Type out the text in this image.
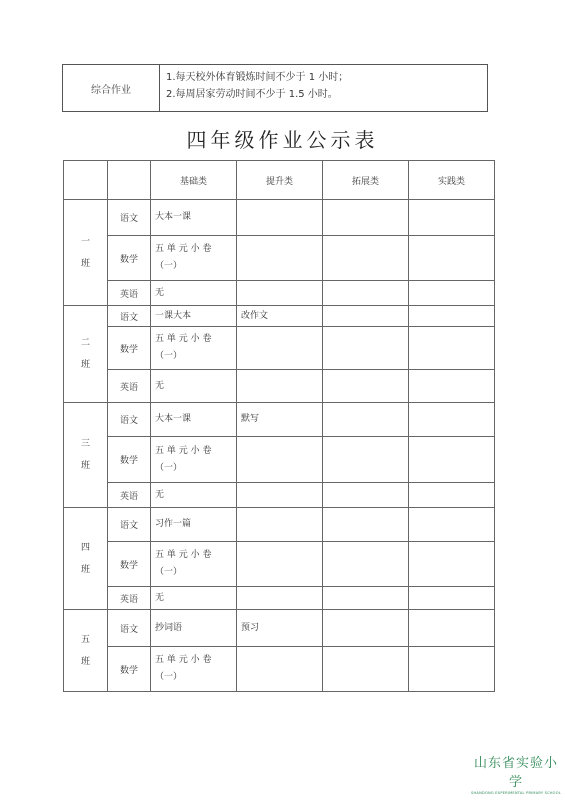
综合作业
1.每天校外体育锻炼时间不少于 1 小时；
2.每周居家劳动时间不少于 1.5 小时。
四年级作业公示表
		基础类	提升类	拓展类	实践类
一
班	语文	大本一课			
	数学	五 单 元 小 卷
（一）			
	英语	无			
二
班	语文	一课大本	改作文		
	数学	五 单 元 小 卷
（一）			
	英语	无			
三
班	语文	大本一课	默写		
	数学	五 单 元 小 卷
（一）			
	英语	无			
四
班	语文	习作一篇			
	数学	五 单 元 小 卷
（一）			
	英语	无			
五
班	语文	抄词语	预习		
	数学	五 单 元 小 卷
（一）			
山东省实验小学
SHANDONG EXPERIMENTAL PRIMARY SCHOOL
